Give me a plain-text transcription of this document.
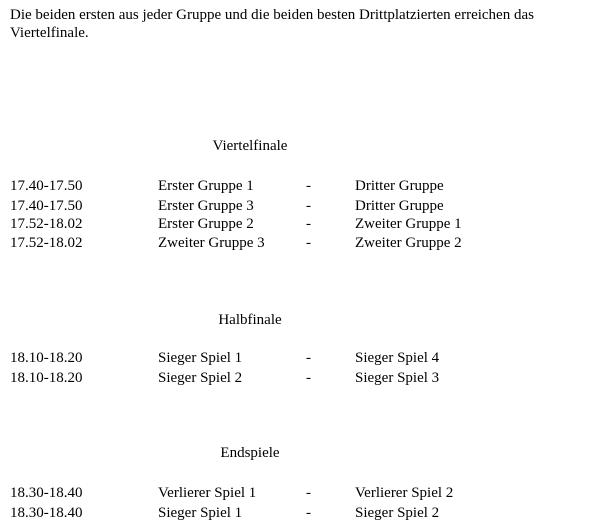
Die beiden ersten aus jeder Gruppe und die beiden besten Drittplatzierten erreichen das Viertelfinale.

Viertelfinale
17.40-17.50	Erster Gruppe 1	-	Dritter Gruppe
17.40-17.50	Erster Gruppe 3	-	Dritter Gruppe
17.52-18.02	Erster Gruppe 2	-	Zweiter Gruppe 1
17.52-18.02	Zweiter Gruppe 3	-	Zweiter Gruppe 2
Halbfinale
18.10-18.20	Sieger Spiel 1	-	Sieger Spiel 4
18.10-18.20	Sieger Spiel 2	-	Sieger Spiel 3
Endspiele
18.30-18.40	Verlierer Spiel 1	-	Verlierer Spiel 2
18.30-18.40	Sieger Spiel 1	-	Sieger Spiel 2
